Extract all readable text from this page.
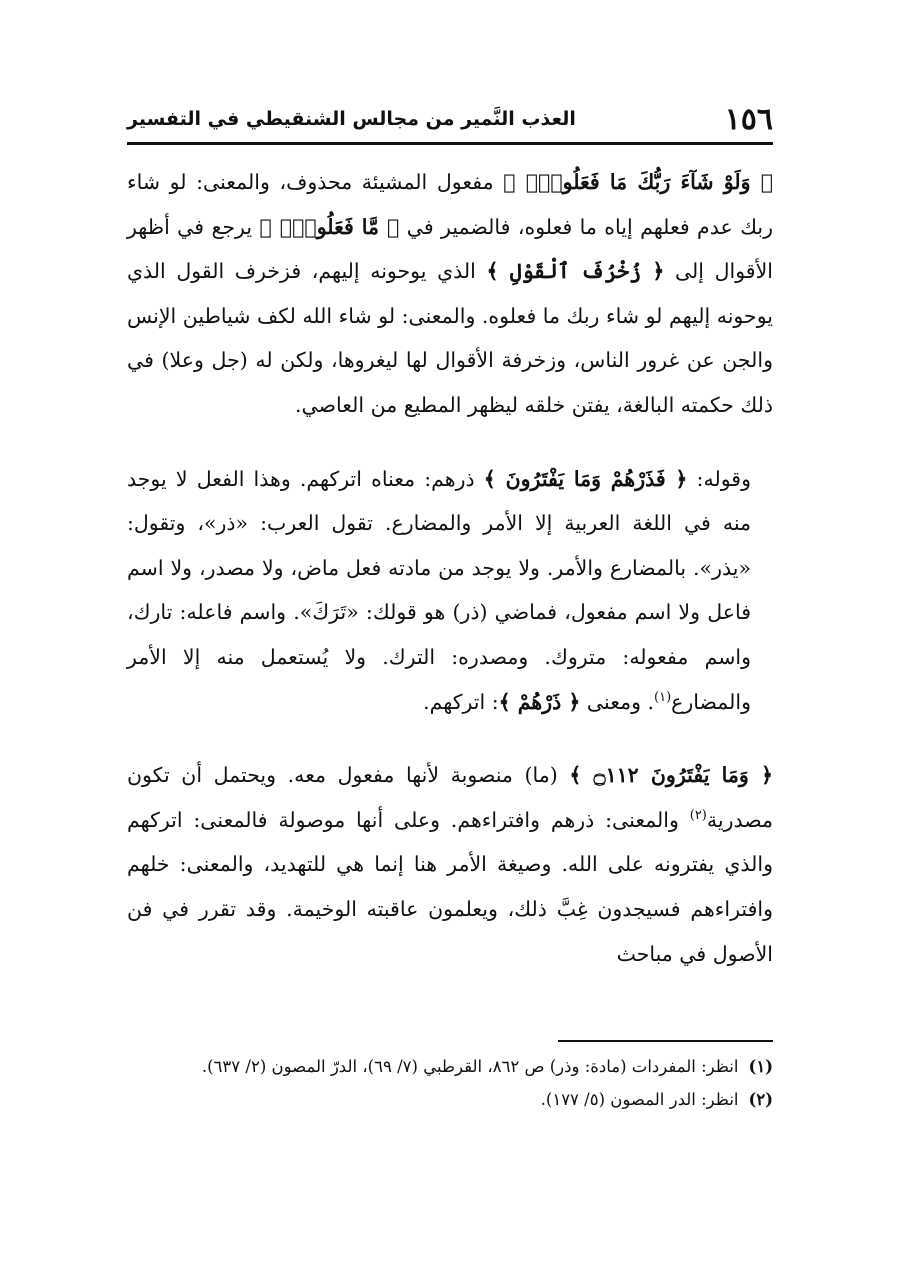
١٥٦
العذب النَّمير من مجالس الشنقيطي في التفسير

﴿ وَلَوْ شَآءَ رَبُّكَ مَا فَعَلُوهُۖ ﴾ مفعول المشيئة محذوف، والمعنى: لو شاء ربك عدم فعلهم إياه ما فعلوه، فالضمير في ﴿ مَّا فَعَلُوهُۖ ﴾ يرجع في أظهر الأقوال إلى ﴿ زُخْرُفَ ٱلْقَوْلِ ﴾ الذي يوحونه إليهم، فزخرف القول الذي يوحونه إليهم لو شاء ربك ما فعلوه. والمعنى: لو شاء الله لكف شياطين الإنس والجن عن غرور الناس، وزخرفة الأقوال لها ليغروها، ولكن له (جل وعلا) في ذلك حكمته البالغة، يفتن خلقه ليظهر المطيع من العاصي.

وقوله: ﴿ فَذَرْهُمْ وَمَا يَفْتَرُونَ ﴾ ذرهم: معناه اتركهم. وهذا الفعل لا يوجد منه في اللغة العربية إلا الأمر والمضارع. تقول العرب: «ذر»، وتقول: «يذر». بالمضارع والأمر. ولا يوجد من مادته فعل ماض، ولا مصدر، ولا اسم فاعل ولا اسم مفعول، فماضي (ذر) هو قولك: «تَرَكَ». واسم فاعله: تارك، واسم مفعوله: متروك. ومصدره: الترك. ولا يُستعمل منه إلا الأمر والمضارع$^{(١)}$. ومعنى ﴿ ذَرْهُمْ ﴾: اتركهم.

﴿ وَمَا يَفْتَرُونَ ۝١١٢ ﴾ (ما) منصوبة لأنها مفعول معه. ويحتمل أن تكون مصدرية$^{(٢)}$ والمعنى: ذرهم وافتراءهم. وعلى أنها موصولة فالمعنى: اتركهم والذي يفترونه على الله. وصيغة الأمر هنا إنما هي للتهديد، والمعنى: خلهم وافتراءهم فسيجدون غِبَّ ذلك، ويعلمون عاقبته الوخيمة. وقد تقرر في فن الأصول في مباحث

(١)انظر: المفردات (مادة: وذر) ص ٨٦٢، القرطبي (٧/ ٦٩)، الدرّ المصون (٢/ ٦٣٧).

(٢)انظر: الدر المصون (٥/ ١٧٧).
